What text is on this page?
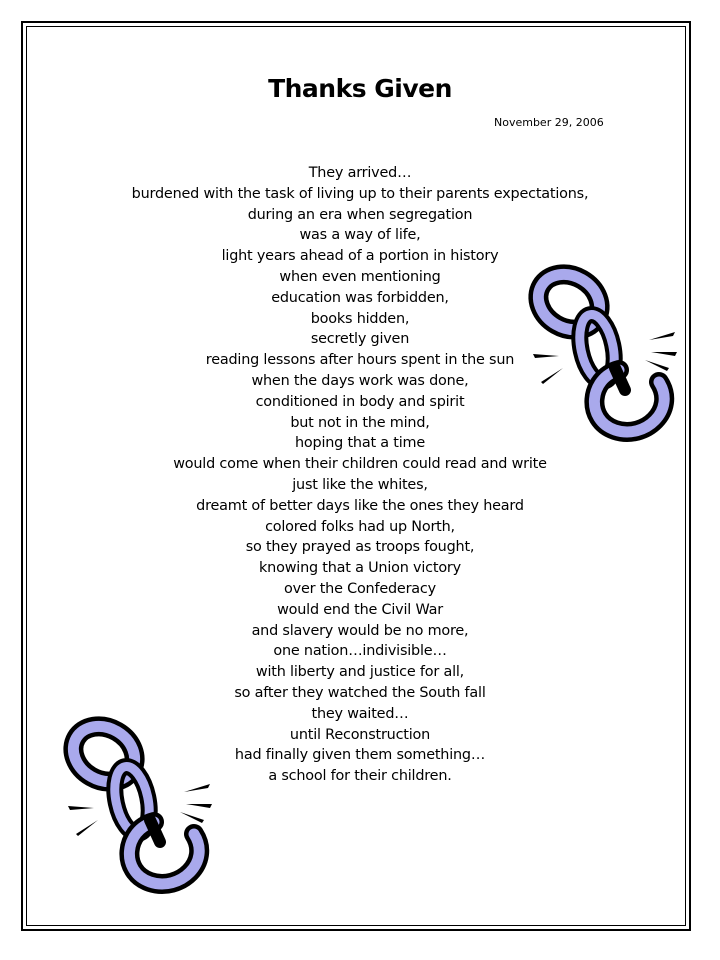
Thanks Given
November 29, 2006
They arrived…
burdened with the task of living up to their parents expectations,
during an era when segregation
was a way of life,
light years ahead of a portion in history
when even mentioning
education was forbidden,
books hidden,
secretly given
reading lessons after hours spent in the sun
when the days work was done,
conditioned in body and spirit
but not in the mind,
hoping that a time
would come when their children could read and write
just like the whites,
dreamt of better days like the ones they heard
colored folks had up North,
so they prayed as troops fought,
knowing that a Union victory
over the Confederacy
would end the Civil War
and slavery would be no more,
one nation…indivisible…
with liberty and justice for all,
so after they watched the South fall
they waited…
until Reconstruction
had finally given them something…
a school for their children.
